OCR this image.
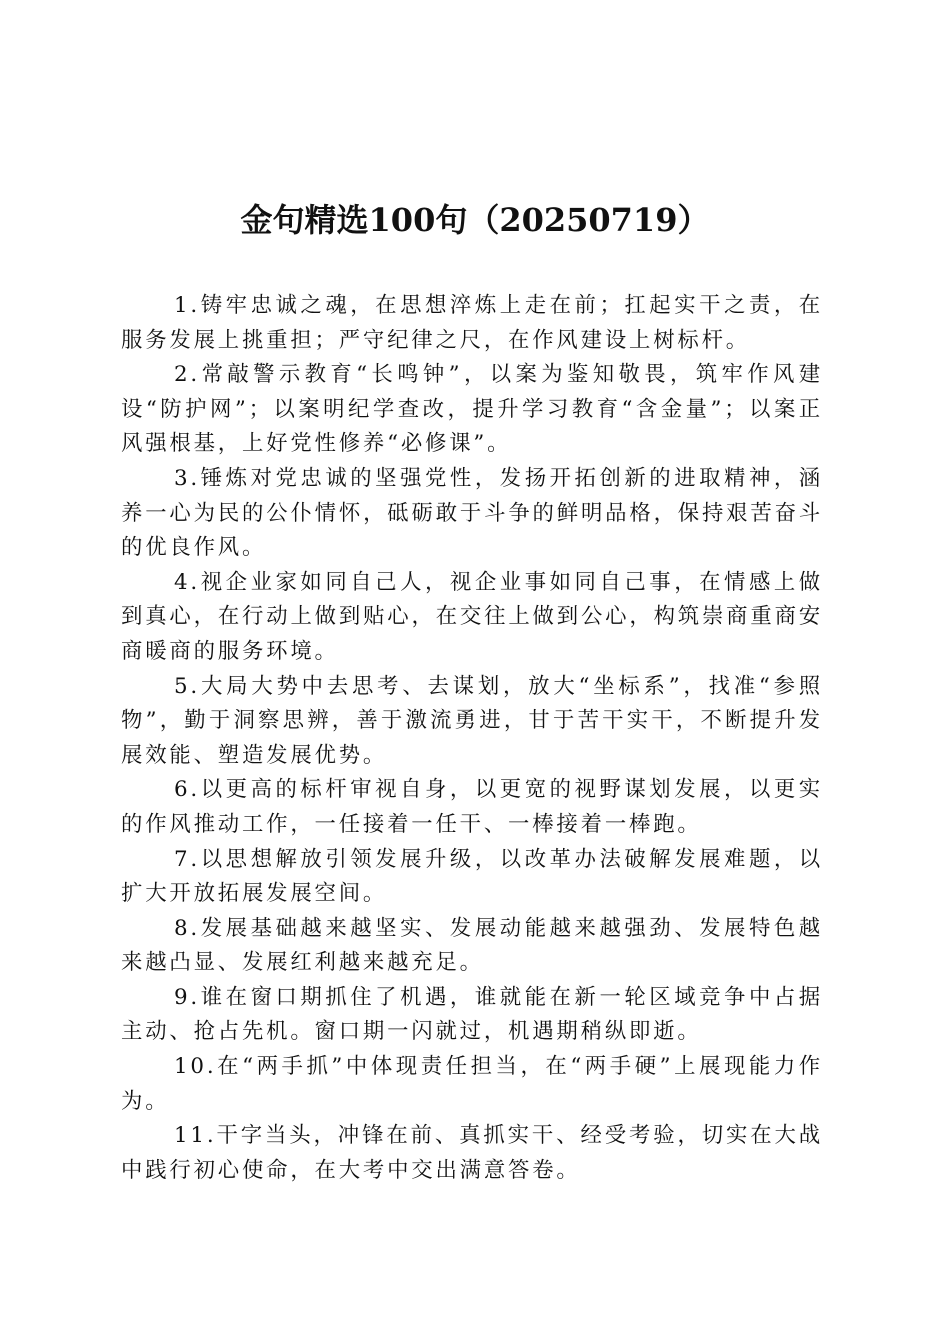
金句精选100句（20250719）

1.铸牢忠诚之魂，在思想淬炼上走在前；扛起实干之责，在服务发展上挑重担；严守纪律之尺，在作风建设上树标杆。

2.常敲警示教育“长鸣钟”，以案为鉴知敬畏，筑牢作风建设“防护网”；以案明纪学查改，提升学习教育“含金量”；以案正风强根基，上好党性修养“必修课”。

3.锤炼对党忠诚的坚强党性，发扬开拓创新的进取精神，涵养一心为民的公仆情怀，砥砺敢于斗争的鲜明品格，保持艰苦奋斗的优良作风。

4.视企业家如同自己人，视企业事如同自己事，在情感上做到真心，在行动上做到贴心，在交往上做到公心，构筑崇商重商安商暖商的服务环境。

5.大局大势中去思考、去谋划，放大“坐标系”，找准“参照物”，勤于洞察思辨，善于激流勇进，甘于苦干实干，不断提升发展效能、塑造发展优势。

6.以更高的标杆审视自身，以更宽的视野谋划发展，以更实的作风推动工作，一任接着一任干、一棒接着一棒跑。

7.以思想解放引领发展升级，以改革办法破解发展难题，以扩大开放拓展发展空间。

8.发展基础越来越坚实、发展动能越来越强劲、发展特色越来越凸显、发展红利越来越充足。

9.谁在窗口期抓住了机遇，谁就能在新一轮区域竞争中占据主动、抢占先机。窗口期一闪就过，机遇期稍纵即逝。

10.在“两手抓”中体现责任担当，在“两手硬”上展现能力作为。

11.干字当头，冲锋在前、真抓实干、经受考验，切实在大战中践行初心使命，在大考中交出满意答卷。
